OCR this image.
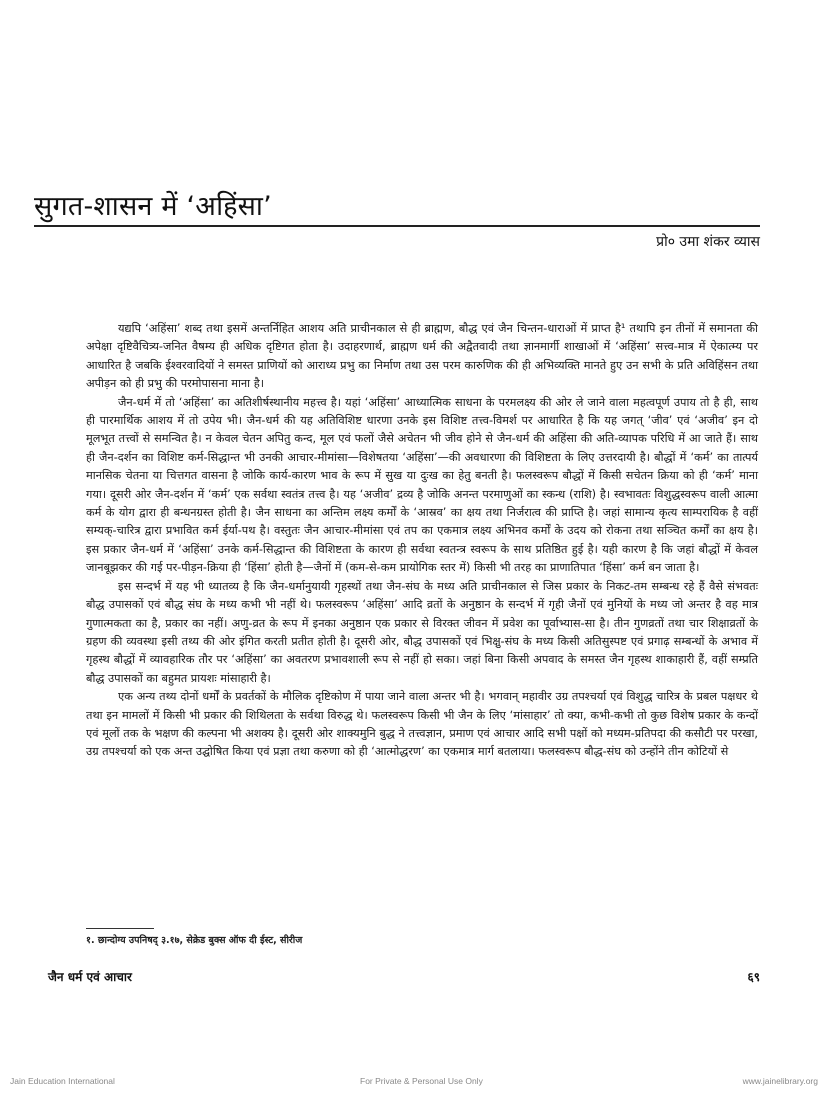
सुगत-शासन में ‘अहिंसा’
प्रो० उमा शंकर व्यास

यद्यपि ‘अहिंसा’ शब्द तथा इसमें अन्तर्निहित आशय अति प्राचीनकाल से ही ब्राह्मण, बौद्ध एवं जैन चिन्तन-धाराओं में प्राप्त है¹ तथापि इन तीनों में समानता की अपेक्षा दृष्टिवैचित्र्य-जनित वैषम्य ही अधिक दृष्टिगत होता है। उदाहरणार्थ, ब्राह्मण धर्म की अद्वैतवादी तथा ज्ञानमार्गी शाखाओं में ‘अहिंसा’ सत्त्व-मात्र में ऐकात्म्य पर आधारित है जबकि ईश्वरवादियों ने समस्त प्राणियों को आराध्य प्रभु का निर्माण तथा उस परम कारुणिक की ही अभिव्यक्ति मानते हुए उन सभी के प्रति अविहिंसन तथा अपीड़न को ही प्रभु की परमोपासना माना है।

जैन-धर्म में तो ‘अहिंसा’ का अतिशीर्षस्थानीय महत्त्व है। यहां ‘अहिंसा’ आध्यात्मिक साधना के परमलक्ष्य की ओर ले जाने वाला महत्वपूर्ण उपाय तो है ही, साथ ही पारमार्थिक आशय में तो उपेय भी। जैन-धर्म की यह अतिविशिष्ट धारणा उनके इस विशिष्ट तत्त्व-विमर्श पर आधारित है कि यह जगत् ‘जीव’ एवं ‘अजीव’ इन दो मूलभूत तत्त्वों से समन्वित है। न केवल चेतन अपितु कन्द, मूल एवं फलों जैसे अचेतन भी जीव होने से जैन-धर्म की अहिंसा की अति-व्यापक परिधि में आ जाते हैं। साथ ही जैन-दर्शन का विशिष्ट कर्म-सिद्धान्त भी उनकी आचार-मीमांसा—विशेषतया ‘अहिंसा’—की अवधारणा की विशिष्टता के लिए उत्तरदायी है। बौद्धों में ‘कर्म’ का तात्पर्य मानसिक चेतना या चित्तगत वासना है जोकि कार्य-कारण भाव के रूप में सुख या दुःख का हेतु बनती है। फलस्वरूप बौद्धों में किसी सचेतन क्रिया को ही ‘कर्म’ माना गया। दूसरी ओर जैन-दर्शन में ‘कर्म’ एक सर्वथा स्वतंत्र तत्त्व है। यह ‘अजीव’ द्रव्य है जोकि अनन्त परमाणुओं का स्कन्ध (राशि) है। स्वभावतः विशुद्धस्वरूप वाली आत्मा कर्म के योग द्वारा ही बन्धनग्रस्त होती है। जैन साधना का अन्तिम लक्ष्य कर्मों के ‘आस्रव’ का क्षय तथा निर्जरात्व की प्राप्ति है। जहां सामान्य कृत्य साम्परायिक है वहीं सम्यक्-चारित्र द्वारा प्रभावित कर्म ईर्या-पथ है। वस्तुतः जैन आचार-मीमांसा एवं तप का एकमात्र लक्ष्य अभिनव कर्मों के उदय को रोकना तथा सञ्चित कर्मों का क्षय है। इस प्रकार जैन-धर्म में ‘अहिंसा’ उनके कर्म-सिद्धान्त की विशिष्टता के कारण ही सर्वथा स्वतन्त्र स्वरूप के साथ प्रतिष्ठित हुई है। यही कारण है कि जहां बौद्धों में केवल जानबूझकर की गई पर-पीड़न-क्रिया ही ‘हिंसा’ होती है—जैनों में (कम-से-कम प्रायोगिक स्तर में) किसी भी तरह का प्राणातिपात ‘हिंसा’ कर्म बन जाता है।

इस सन्दर्भ में यह भी ध्यातव्य है कि जैन-धर्मानुयायी गृहस्थों तथा जैन-संघ के मध्य अति प्राचीनकाल से जिस प्रकार के निकट-तम सम्बन्ध रहे हैं वैसे संभवतः बौद्ध उपासकों एवं बौद्ध संघ के मध्य कभी भी नहीं थे। फलस्वरूप ‘अहिंसा’ आदि व्रतों के अनुष्ठान के सन्दर्भ में गृही जैनों एवं मुनियों के मध्य जो अन्तर है वह मात्र गुणात्मकता का है, प्रकार का नहीं। अणु-व्रत के रूप में इनका अनुष्ठान एक प्रकार से विरक्त जीवन में प्रवेश का पूर्वाभ्यास-सा है। तीन गुणव्रतों तथा चार शिक्षाव्रतों के ग्रहण की व्यवस्था इसी तथ्य की ओर इंगित करती प्रतीत होती है। दूसरी ओर, बौद्ध उपासकों एवं भिक्षु-संघ के मध्य किसी अतिसुस्पष्ट एवं प्रगाढ़ सम्बन्धों के अभाव में गृहस्थ बौद्धों में व्यावहारिक तौर पर ‘अहिंसा’ का अवतरण प्रभावशाली रूप से नहीं हो सका। जहां बिना किसी अपवाद के समस्त जैन गृहस्थ शाकाहारी हैं, वहीं सम्प्रति बौद्ध उपासकों का बहुमत प्रायशः मांसाहारी है।

एक अन्य तथ्य दोनों धर्मों के प्रवर्तकों के मौलिक दृष्टिकोण में पाया जाने वाला अन्तर भी है। भगवान् महावीर उग्र तपश्चर्या एवं विशुद्ध चारित्र के प्रबल पक्षधर थे तथा इन मामलों में किसी भी प्रकार की शिथिलता के सर्वथा विरुद्ध थे। फलस्वरूप किसी भी जैन के लिए ‘मांसाहार’ तो क्या, कभी-कभी तो कुछ विशेष प्रकार के कन्दों एवं मूलों तक के भक्षण की कल्पना भी अशक्य है। दूसरी ओर शाक्यमुनि बुद्ध ने तत्त्वज्ञान, प्रमाण एवं आचार आदि सभी पक्षों को मध्यम-प्रतिपदा की कसौटी पर परखा, उग्र तपश्चर्या को एक अन्त उद्घोषित किया एवं प्रज्ञा तथा करुणा को ही ‘आत्मोद्धरण’ का एकमात्र मार्ग बतलाया। फलस्वरूप बौद्ध-संघ को उन्होंने तीन कोटियों से

१. छान्दोग्य उपनिषद् ३.१७, सेक्रेड बुक्स ऑफ दी ईस्ट, सीरीज
जैन धर्म एवं आचार	६९
Jain Education International	For Private & Personal Use Only	www.jainelibrary.org
